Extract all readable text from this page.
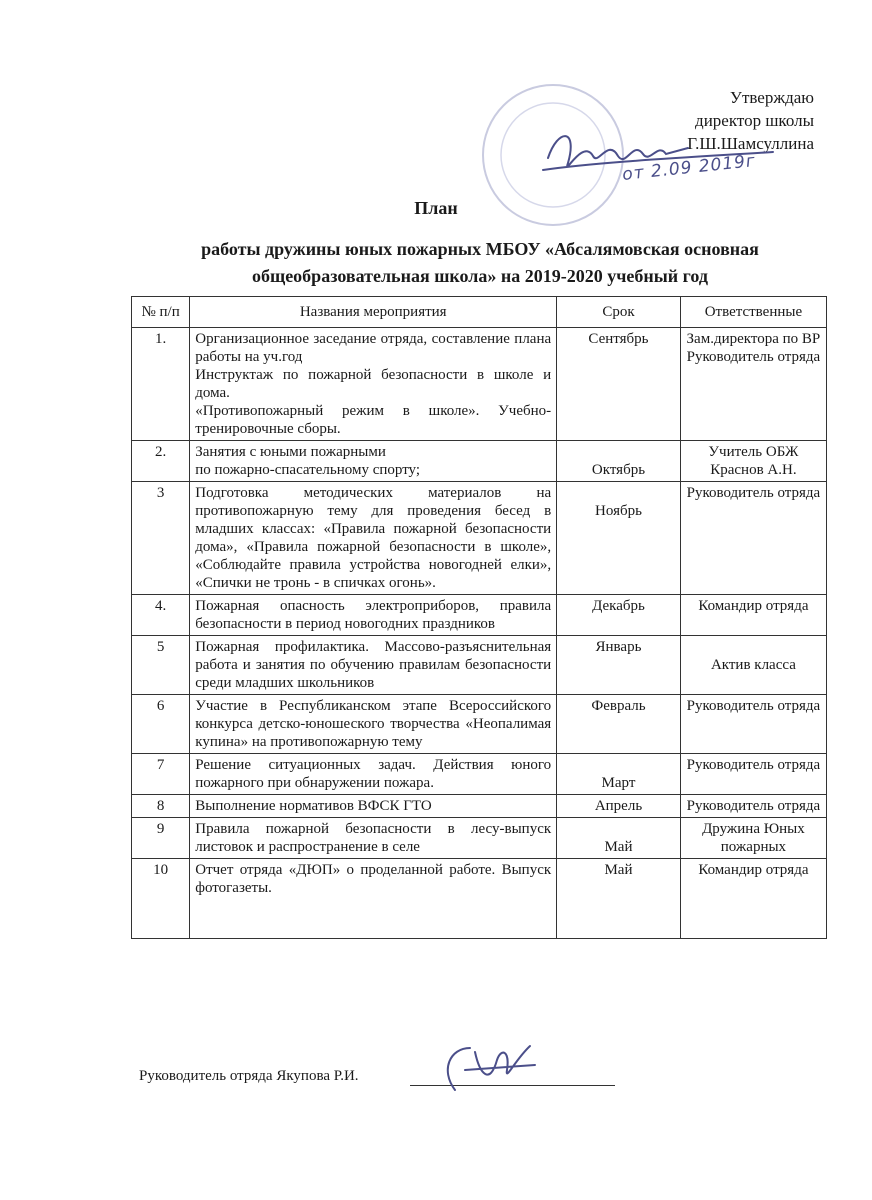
Утверждаю
директор школы
Г.Ш.Шамсуллина
от 2.09 2019г
План
работы дружины юных пожарных МБОУ «Абсалямовская основная общеобразовательная школа» на 2019-2020 учебный год
№ п/п	Названия мероприятия	Срок	Ответственные
1.	Организационное заседание отряда, составление плана работы на уч.год
Инструктаж по пожарной безопасности в школе и дома.
«Противопожарный режим в школе». Учебно-тренировочные сборы.	Сентябрь	Зам.директора по ВР Руководитель отряда
2.	Занятия с юными пожарными
по пожарно-спасательному спорту;	Октябрь	Учитель ОБЖ Краснов А.Н.
3	Подготовка методических материалов на противопожарную тему для проведения бесед в младших классах: «Правила пожарной безопасности дома», «Правила пожарной безопасности в школе», «Соблюдайте правила устройства новогодней елки», «Спички не тронь - в спичках огонь».	Ноябрь	Руководитель отряда
4.	Пожарная опасность электроприборов, правила безопасности в период новогодних праздников	Декабрь	Командир отряда
5	Пожарная профилактика. Массово-разъяснительная работа и занятия по обучению правилам безопасности среди младших школьников	Январь	Актив класса
6	Участие в Республиканском этапе Всероссийского конкурса детско-юношеского творчества «Неопалимая купина» на противопожарную тему	Февраль	Руководитель отряда
7	Решение ситуационных задач. Действия юного пожарного при обнаружении пожара.	Март	Руководитель отряда
8	Выполнение нормативов ВФСК ГТО	Апрель	Руководитель отряда
9	Правила пожарной безопасности в лесу-выпуск листовок и распространение в селе	Май	Дружина Юных пожарных
10	Отчет отряда «ДЮП» о проделанной работе. Выпуск фотогазеты.	Май	Командир отряда
Руководитель отряда Якупова Р.И.
